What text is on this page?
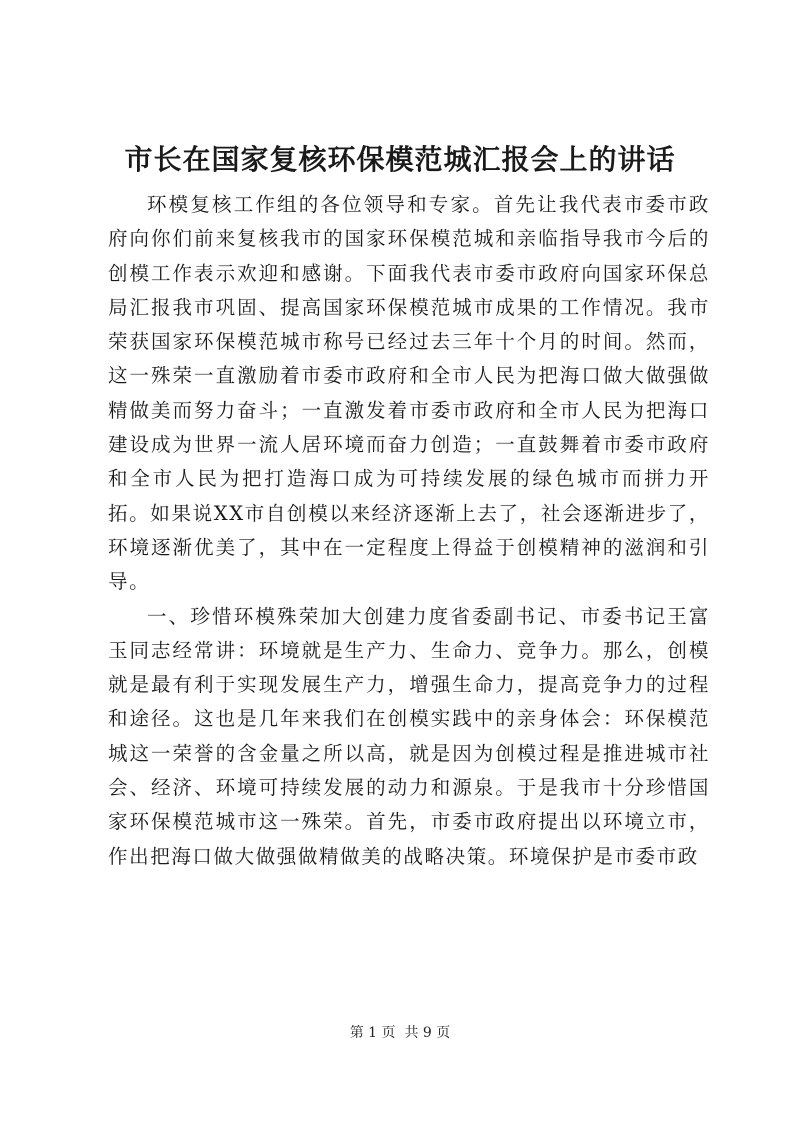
市长在国家复核环保模范城汇报会上的讲话

环模复核工作组的各位领导和专家。首先让我代表市委市政府向你们前来复核我市的国家环保模范城和亲临指导我市今后的创模工作表示欢迎和感谢。下面我代表市委市政府向国家环保总局汇报我市巩固、提高国家环保模范城市成果的工作情况。我市荣获国家环保模范城市称号已经过去三年十个月的时间。然而，这一殊荣一直激励着市委市政府和全市人民为把海口做大做强做精做美而努力奋斗；一直激发着市委市政府和全市人民为把海口建设成为世界一流人居环境而奋力创造；一直鼓舞着市委市政府和全市人民为把打造海口成为可持续发展的绿色城市而拼力开拓。如果说XX市自创模以来经济逐渐上去了，社会逐渐进步了，环境逐渐优美了，其中在一定程度上得益于创模精神的滋润和引导。

一、珍惜环模殊荣加大创建力度省委副书记、市委书记王富玉同志经常讲：环境就是生产力、生命力、竞争力。那么，创模就是最有利于实现发展生产力，增强生命力，提高竞争力的过程和途径。这也是几年来我们在创模实践中的亲身体会：环保模范城这一荣誉的含金量之所以高，就是因为创模过程是推进城市社会、经济、环境可持续发展的动力和源泉。于是我市十分珍惜国家环保模范城市这一殊荣。首先，市委市政府提出以环境立市，作出把海口做大做强做精做美的战略决策。环境保护是市委市政

第 1 页 共 9 页
